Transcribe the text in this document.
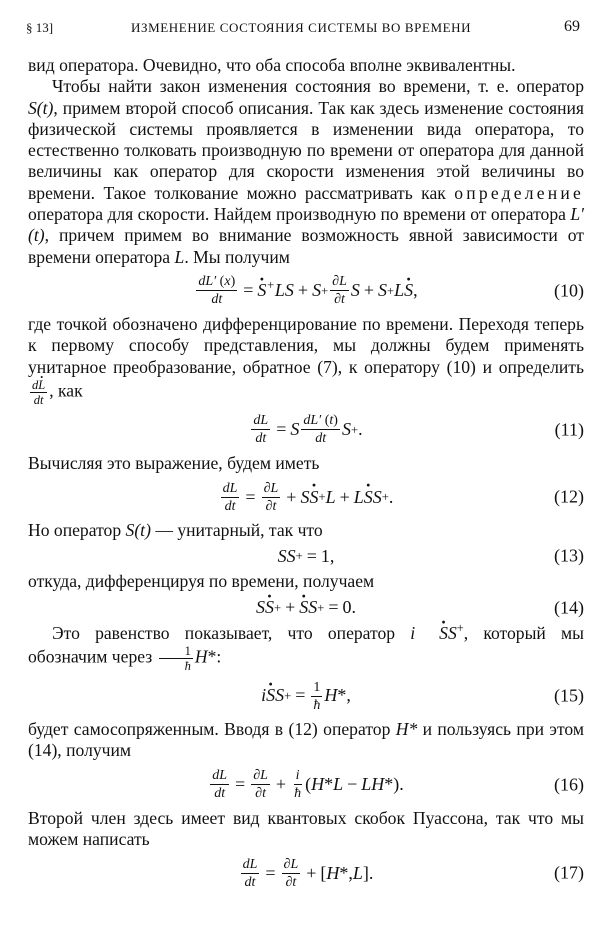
§ 13]	ИЗМЕНЕНИЕ СОСТОЯНИЯ СИСТЕМЫ ВО ВРЕМЕНИ	69

вид оператора. Очевидно, что оба способа вполне эквивалентны.

Чтобы найти закон изменения состояния во времени, т. е. оператор S(t), примем второй способ описания. Так как здесь изменение состояния физической системы проявляется в изменении вида оператора, то естественно толковать производную по времени от оператора для данной величины как оператор для скорости изменения этой величины во времени. Такое толкование можно рассматривать как определение оператора для скорости. Найдем производную по времени от оператора L′(t), причем примем во внимание возможность явной зависимости от времени оператора L. Мы получим

$\frac{dL' (x)}{dt} = S \cdot^+LS + S + \frac{\partial L}{\partial t}$ S + S + LS · ,	(10)

где точкой обозначено дифференцирование по времени. Переходя теперь к первому способу представления, мы должны будем применять унитарное преобразование, обратное (7), к оператору (10) и определить
$\frac{dL \cdot}{dt}$ , как

$\frac{dL}{dt} = S \frac{dL' (t)}{dt}$ S + .	(11)

Вычисляя это выражение, будем иметь

$\frac{dL}{dt} = \frac{\partial L}{\partial t}$ + SS · + L + LS ·S + .	(12)

Но оператор S(t) — унитарный, так что

SS + = 1,	(13)

откуда, дифференцируя по времени, получаем

SS · + + S ·S + = 0.	(14)

Это равенство показывает, что оператор i S ·S+, который мы обозначим через $\frac{1}{ħ} H*$:

iS ·S + = $\frac{1}{ħ}$ H *,	(15)

будет самосопряженным. Вводя в (12) оператор H* и пользуясь при этом (14), получим

$\frac{dL}{dt} = \frac{\partial L}{\partial t} + \frac{i}{ħ}$ ( H * L − LH *).	(16)

Второй член здесь имеет вид квантовых скобок Пуассона, так что мы можем написать

$\frac{dL}{dt} = \frac{\partial L}{\partial t}$ + [ H *, L ].	(17)
